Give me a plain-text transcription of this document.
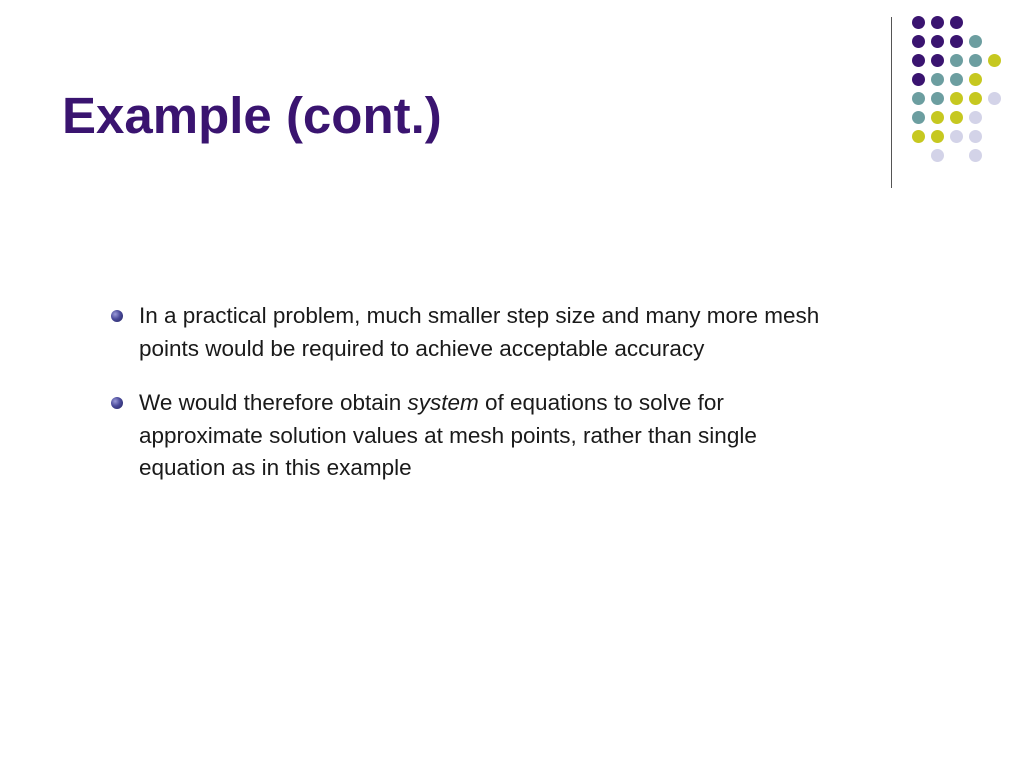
Example (cont.)
In a practical problem, much smaller step size and many more mesh points would be required to achieve acceptable accuracy
We would therefore obtain system of equations to solve for approximate solution values at mesh points, rather than single equation as in this example
